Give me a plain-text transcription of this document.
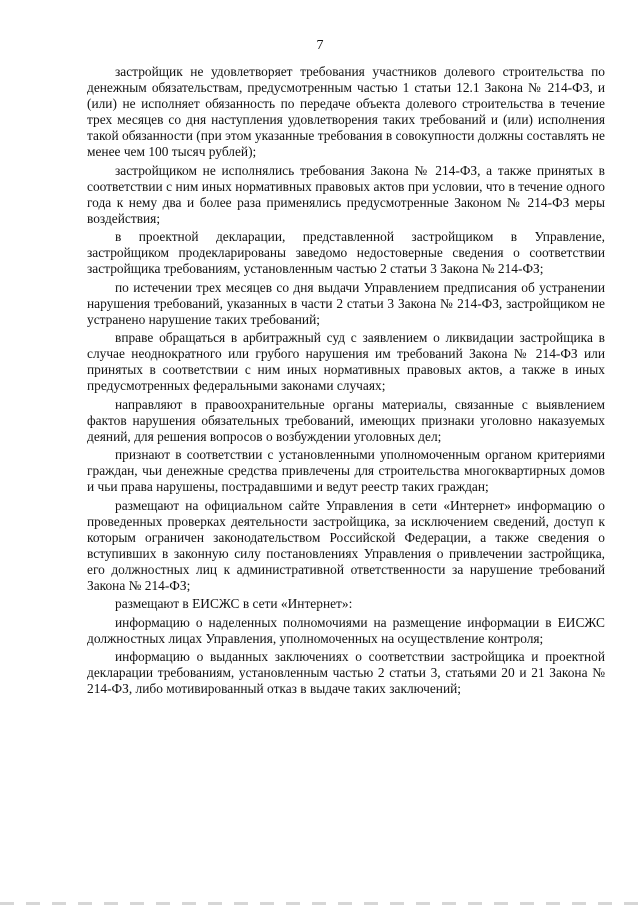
7

застройщик не удовлетворяет требования участников долевого строительства по денежным обязательствам, предусмотренным частью 1 статьи 12.1 Закона № 214-ФЗ, и (или) не исполняет обязанность по передаче объекта долевого строительства в течение трех месяцев со дня наступления удовлетворения таких требований и (или) исполнения такой обязанности (при этом указанные требования в совокупности должны составлять не менее чем 100 тысяч рублей);

застройщиком не исполнялись требования Закона № 214-ФЗ, а также принятых в соответствии с ним иных нормативных правовых актов при условии, что в течение одного года к нему два и более раза применялись предусмотренные Законом № 214-ФЗ меры воздействия;

в проектной декларации, представленной застройщиком в Управление, застройщиком продекларированы заведомо недостоверные сведения о соответствии застройщика требованиям, установленным частью 2 статьи 3 Закона № 214-ФЗ;

по истечении трех месяцев со дня выдачи Управлением предписания об устранении нарушения требований, указанных в части 2 статьи 3 Закона № 214-ФЗ, застройщиком не устранено нарушение таких требований;

вправе обращаться в арбитражный суд с заявлением о ликвидации застройщика в случае неоднократного или грубого нарушения им требований Закона № 214-ФЗ или принятых в соответствии с ним иных нормативных правовых актов, а также в иных предусмотренных федеральными законами случаях;

направляют в правоохранительные органы материалы, связанные с выявлением фактов нарушения обязательных требований, имеющих признаки уголовно наказуемых деяний, для решения вопросов о возбуждении уголовных дел;

признают в соответствии с установленными уполномоченным органом критериями граждан, чьи денежные средства привлечены для строительства многоквартирных домов и чьи права нарушены, пострадавшими и ведут реестр таких граждан;

размещают на официальном сайте Управления в сети «Интернет» информацию о проведенных проверках деятельности застройщика, за исключением сведений, доступ к которым ограничен законодательством Российской Федерации, а также сведения о вступивших в законную силу постановлениях Управления о привлечении застройщика, его должностных лиц к административной ответственности за нарушение требований Закона № 214-ФЗ;

размещают в ЕИСЖС в сети «Интернет»:

информацию о наделенных полномочиями на размещение информации в ЕИСЖС должностных лицах Управления, уполномоченных на осуществление контроля;

информацию о выданных заключениях о соответствии застройщика и проектной декларации требованиям, установленным частью 2 статьи 3, статьями 20 и 21 Закона № 214-ФЗ, либо мотивированный отказ в выдаче таких заключений;
